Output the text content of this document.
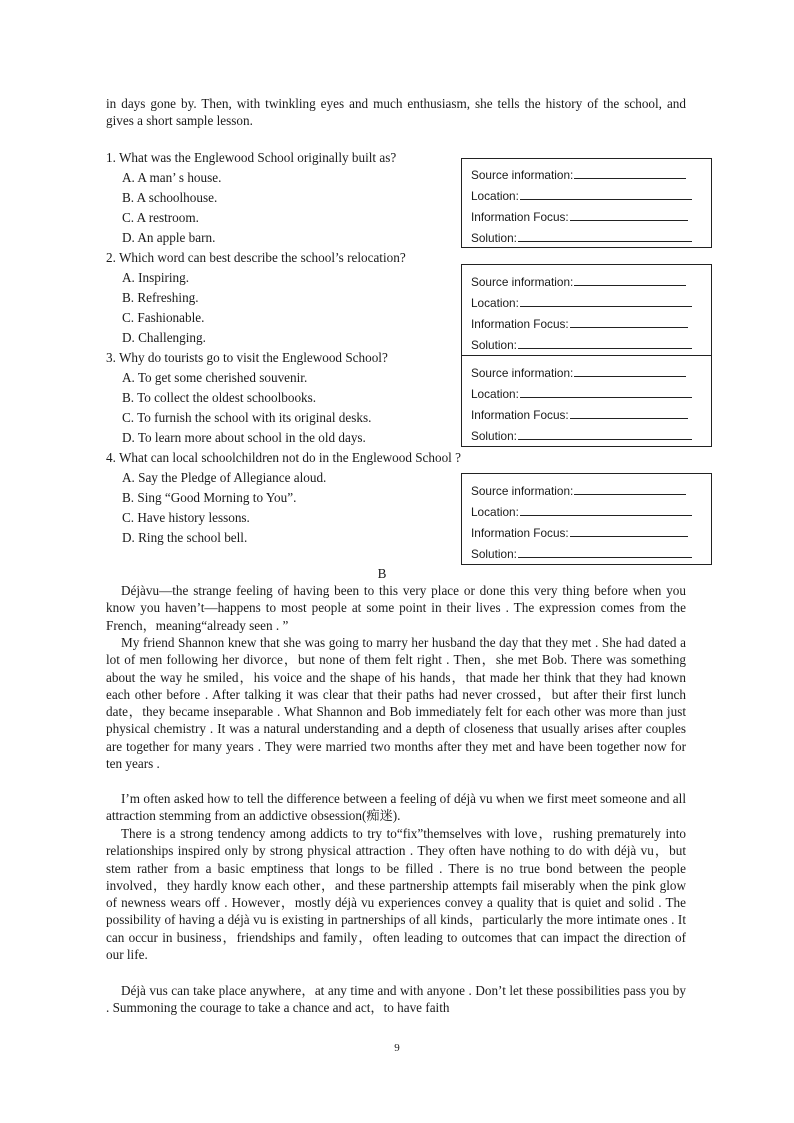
in days gone by. Then, with twinkling eyes and much enthusiasm, she tells the history of the school, and gives a short sample lesson.
1. What was the Englewood School originally built as?
A. A man’ s house.
B. A schoolhouse.
C. A restroom.
D. An apple barn.
2. Which word can best describe the school’s relocation?
A. Inspiring.
B. Refreshing.
C. Fashionable.
D. Challenging.
3. Why do tourists go to visit the Englewood School?
A. To get some cherished souvenir.
B. To collect the oldest schoolbooks.
C. To furnish the school with its original desks.
D. To learn more about school in the old days.
4. What can local schoolchildren not do in the Englewood School ?
A. Say the Pledge of Allegiance aloud.
B. Sing “Good Morning to You”.
C. Have history lessons.
D. Ring the school bell.
Source information:
Location:
Information Focus:
Solution:
Source information:
Location:
Information Focus:
Solution:
Source information:
Location:
Information Focus:
Solution:
Source information:
Location:
Information Focus:
Solution:
B
Déjàvu—the strange feeling of having been to this very place or done this very thing before when you know you haven’t—happens to most people at some point in their lives . The expression comes from the French，meaning“already seen . ”
My friend Shannon knew that she was going to marry her husband the day that they met . She had dated a lot of men following her divorce，but none of them felt right . Then，she met Bob. There was something about the way he smiled，his voice and the shape of his hands，that made her think that they had known each other before . After talking it was clear that their paths had never crossed，but after their first lunch date，they became inseparable . What Shannon and Bob immediately felt for each other was more than just physical chemistry . It was a natural understanding and a depth of closeness that usually arises after couples are together for many years . They were married two months after they met and have been together now for ten years .
I’m often asked how to tell the difference between a feeling of déjà vu when we first meet someone and all attraction stemming from an addictive obsession(痴迷).
There is a strong tendency among addicts to try to“fix”themselves with love，rushing prematurely into relationships inspired only by strong physical attraction . They often have nothing to do with déjà vu，but stem rather from a basic emptiness that longs to be filled . There is no true bond between the people involved，they hardly know each other，and these partnership attempts fail miserably when the pink glow of newness wears off . However，mostly déjà vu experiences convey a quality that is quiet and solid . The possibility of having a déjà vu is existing in partnerships of all kinds，particularly the more intimate ones . It can occur in business，friendships and family，often leading to outcomes that can impact the direction of our life.
Déjà vus can take place anywhere，at any time and with anyone . Don’t let these possibilities pass you by . Summoning the courage to take a chance and act，to have faith
9
